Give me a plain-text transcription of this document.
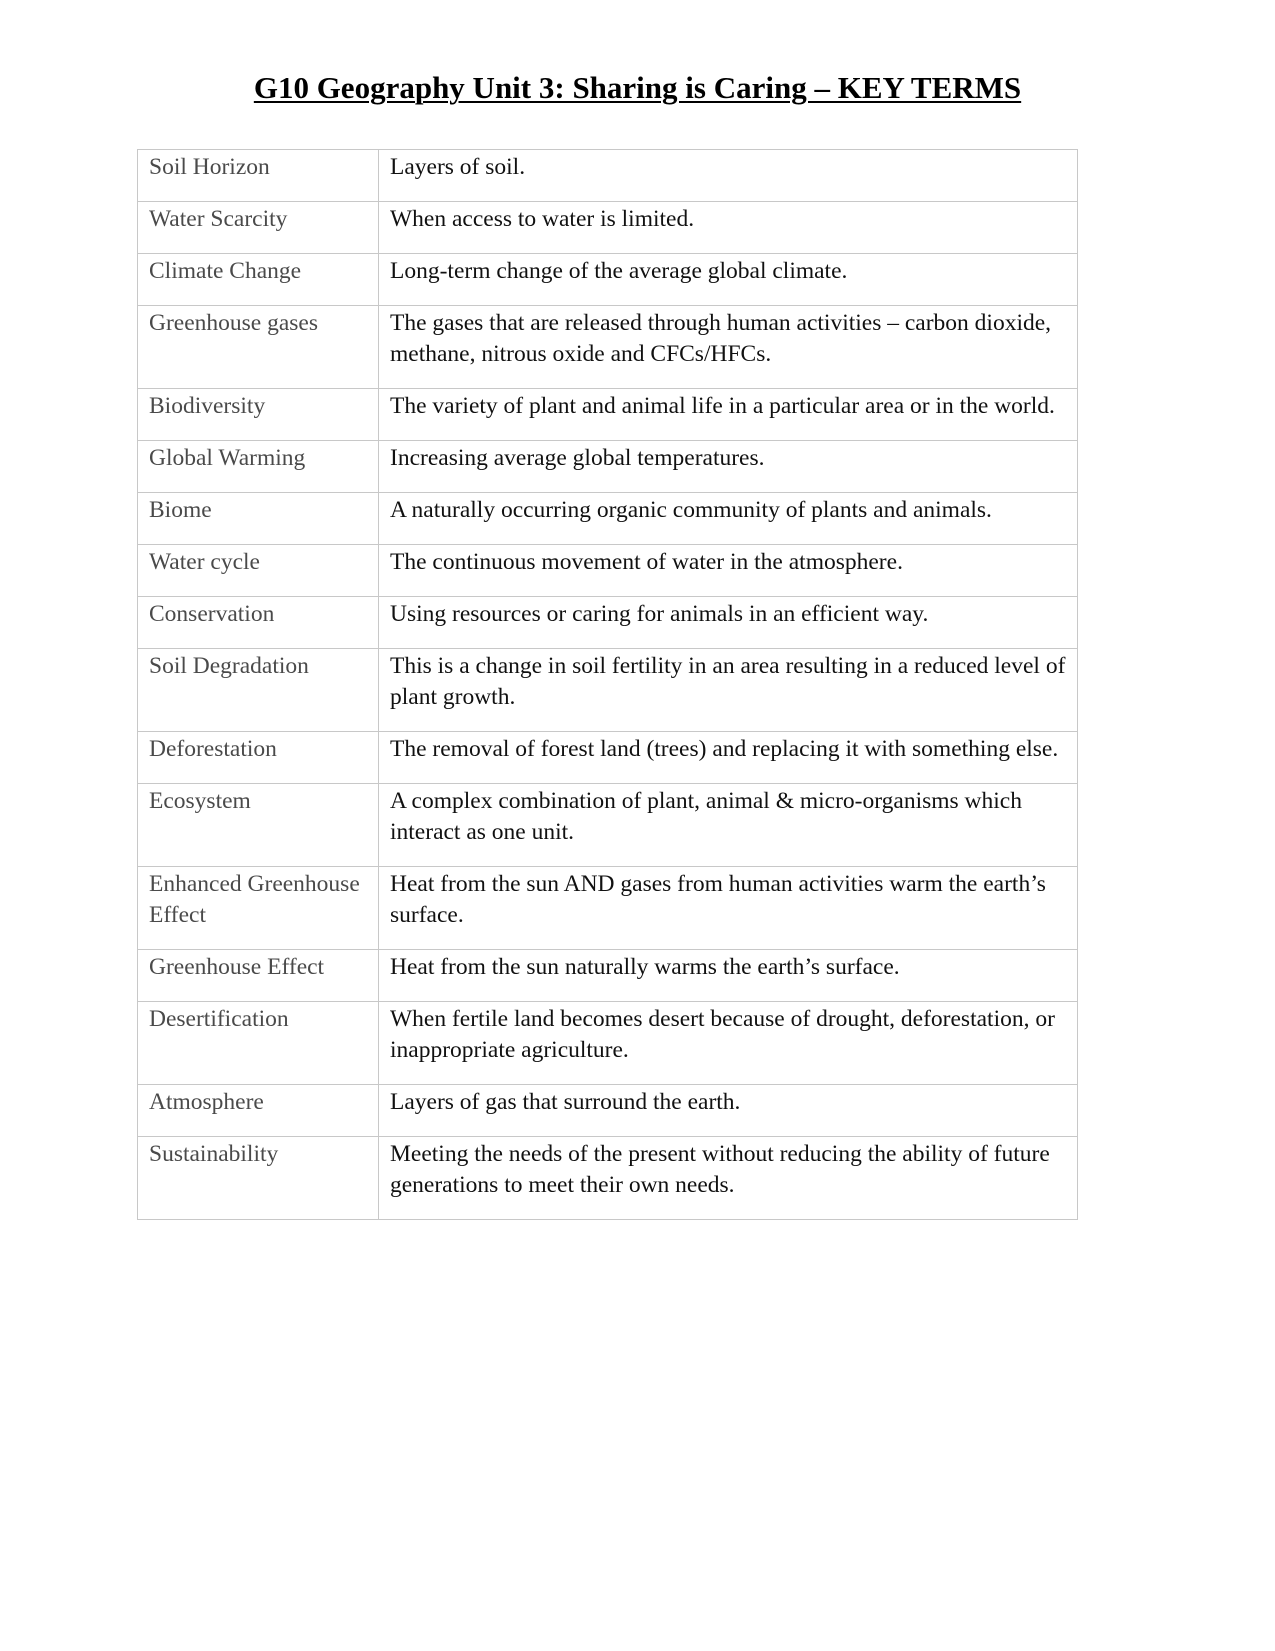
G10 Geography Unit 3: Sharing is Caring – KEY TERMS
Soil Horizon	Layers of soil.
Water Scarcity	When access to water is limited.
Climate Change	Long-term change of the average global climate.
Greenhouse gases	The gases that are released through human activities – carbon dioxide, methane, nitrous oxide and CFCs/HFCs.
Biodiversity	The variety of plant and animal life in a particular area or in the world.
Global Warming	Increasing average global temperatures.
Biome	A naturally occurring organic community of plants and animals.
Water cycle	The continuous movement of water in the atmosphere.
Conservation	Using resources or caring for animals in an efficient way.
Soil Degradation	This is a change in soil fertility in an area resulting in a reduced level of plant growth.
Deforestation	The removal of forest land (trees) and replacing it with something else.
Ecosystem	A complex combination of plant, animal & micro-organisms which interact as one unit.
Enhanced Greenhouse Effect	Heat from the sun AND gases from human activities warm the earth’s surface.
Greenhouse Effect	Heat from the sun naturally warms the earth’s surface.
Desertification	When fertile land becomes desert because of drought, deforestation, or inappropriate agriculture.
Atmosphere	Layers of gas that surround the earth.
Sustainability	Meeting the needs of the present without reducing the ability of future generations to meet their own needs.
